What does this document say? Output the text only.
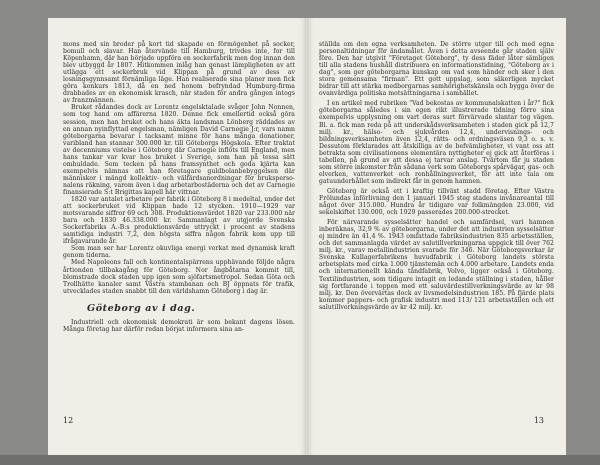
mons med sin broder på kort tid skapade en förmögenhet på socker, bomull och slavar. Han återvände till Hamburg, trivdes inte, for till Köpenhamn, där han började uppföra en sockerfabrik men dog innan den blev utbyggd år 1807. Hitkommen inlåg han genast lämpligheten av att utlägga ett sockerbruk vid Klippan på grund av dess av losningsgynnsamt förnämliga läge. Han realiserade sina planer men fick göra konkurs 1813, då en ned honom befryndad Humburg-firma drabbades av en ekonomisk krasch, när staden för andra gången intogs av franzmännen.

Bruket rådandes dock av Lorentz engelsktalade svåger John Nonnen, som tog hand om affärerna 1820. Denne fick emellertid också göra session, men han bruket och hans äkta landsman Lönberg räddades av en annan nyinflyttad engelsman, nämligen David Carnegie J:r, vars namn göteborgarna bevarar i tacksamt minne för hans många donationer, varibland han stannar 300.000 kr. till Göteborgs Högskola. Efter traktat av decenniums vistelse i Göteborg där Carnegie inflöts till England, men hans tankar var kvar hos bruket i Sverige, som han på tessa sätt omhuldade. Som tecken på hans framsynthet och goda kjärta kan exempelvis nämnas att han företagare guldbolanbebyggelsen där människor i mängd kollektiv- och välfärdsanordningar för bruksperso-nalens räkning, varom även i dag arbetarbostäderna och det av Carnegie finansierade S:t Brigittas kapell här vittnar.

1820 var antalet arbetare per fabrik i Göteborg 8 i medeltal, under det att sockerbruket vid Klippan hade 12 stycken. 1910—1929 var motsvarande siffror 69 och 308. Produktionsvärdet 1820 var 233.000 när bara och 1830 46.338.000 kr. Sammanlagt av utgjorde Svenska Sockerfabriks A.-B:s produktionsvärde uttryckt i procent av stadens samtidiga industri 7,2, den högsta siffra någon fabrik kom upp till ifrågavarande år.

Som man ser har Lorentz okuvliga energi verkat med dynamisk kraft genom tiderna.

Med Napoleons fall och kontinentalspärrens upphävande följde några årtionden tillbakagång för Göteborg. Nor ångbåtarna kommit till, blomstrade dock staden upp igen som sjöfartsmetropol. Sedan Göta och Trollhätte kanaler samt Västra stambanan och BJ öppnats för trafik, utvecklades staden snabbt till den världshamn Göteborg i dag är.

Göteborg av i dag.

Industriell och ekonomisk demokrati är som bekant dagens lösen. Många företag har därför redan börjat informera sina an-

12

ställda om den egna verksamheten. De större utger till och med egna personaltidningar för ändamålet. Även i detta avseende går staden själv före. Den har utgivit "Företaget Göteborg", ty dess fäder låter sämligen till alla stadens hushåll distribuera en informationstidning, "Göteborg av i dag", som ger göteborgarna kunskap om vad som händer och sker i den stora gemensama "firman". Ett gott uppslag, som säkerligen mycket bidrar till att stärka medborgarnas samhörighetskänsla och bygga över de ovanvärdiga politiska motsättningarna i samhället.

I en artikel med rubriken "Vad bekostas av kommunalskatten i år?" fick göteborgarna således i sin egen rikt illustrerade tidning förre sina exempelvis upplysning om vart deras surt förvärvade slantar tog vägen. Bl. a. fick man reda på att underskådsverksamheten i staden gick på 12,7 milj. kr., hälso- och sjukvården 12,4, undervisnings- och bildningsverksamheten även 12,4, rätts- och ordningsväsen 9,3 o. s. v. Dessutom förklarades att åtskilliga av de befvämligheter, vi vant oss att betrakta som civilisationens elementära nyttigheter ej gick att återföras i tabellen, på grund av att dessa ej tarvar anslag. Tvärtom får ju staden som större inkomster från sådana verk som Göteborgs spårvägar, gas- och elverken, vattenverket och renhållningsverket, för att inte tala om gatuunderhållet som indirekt får in genom hamnen.

Göteborg är också ett i kraftig tillväxt stadd företag. Efter Västra Frölundas införlivning den 1 januari 1945 steg stadens invånareantal till något över 315.000. Hundra år tidigare var folkmängden 23.000, vid sekelskiftet 130.000, och 1929 passerades 200.000-strecket.

För närvarande sysselsätter handel och samfärdsel, vari hamnen inberäknas, 32,9 % av göteborgarna, under det att industrien sysselsätter ej mindre än 41,4 %. 1943 omfattade fabriksindustrien 835 arbetsställen, och det sammanlagda värdet av salutillverkningarna uppgick till över 762 milj. kr., varav metallindustrien svarade för 346. När Göteborgsverkar är Svenska Kullagerfabrikens huvudfabrik i Göteborg landets största arbetsplats med cirka 1.000 tjänstemän och 4.000 arbetare. Landets enda och internationellt kända tändfabrik, Volvo, ligger också i Göteborg. Textilindustrien, som tidigare intagit en ledande ställning i staden, håller sig fortfarande i toppen med ett saluvärdestillverkningsvärde av kr 98 milj. kr. Den övervärtas dock av livsmedelsindustrien 185. På fjärde plats kommer pappers- och grafisk industri med 113/ 121 arbetsställen och ett salutillverkningsvärde av kr 42 milj. kr.

13
